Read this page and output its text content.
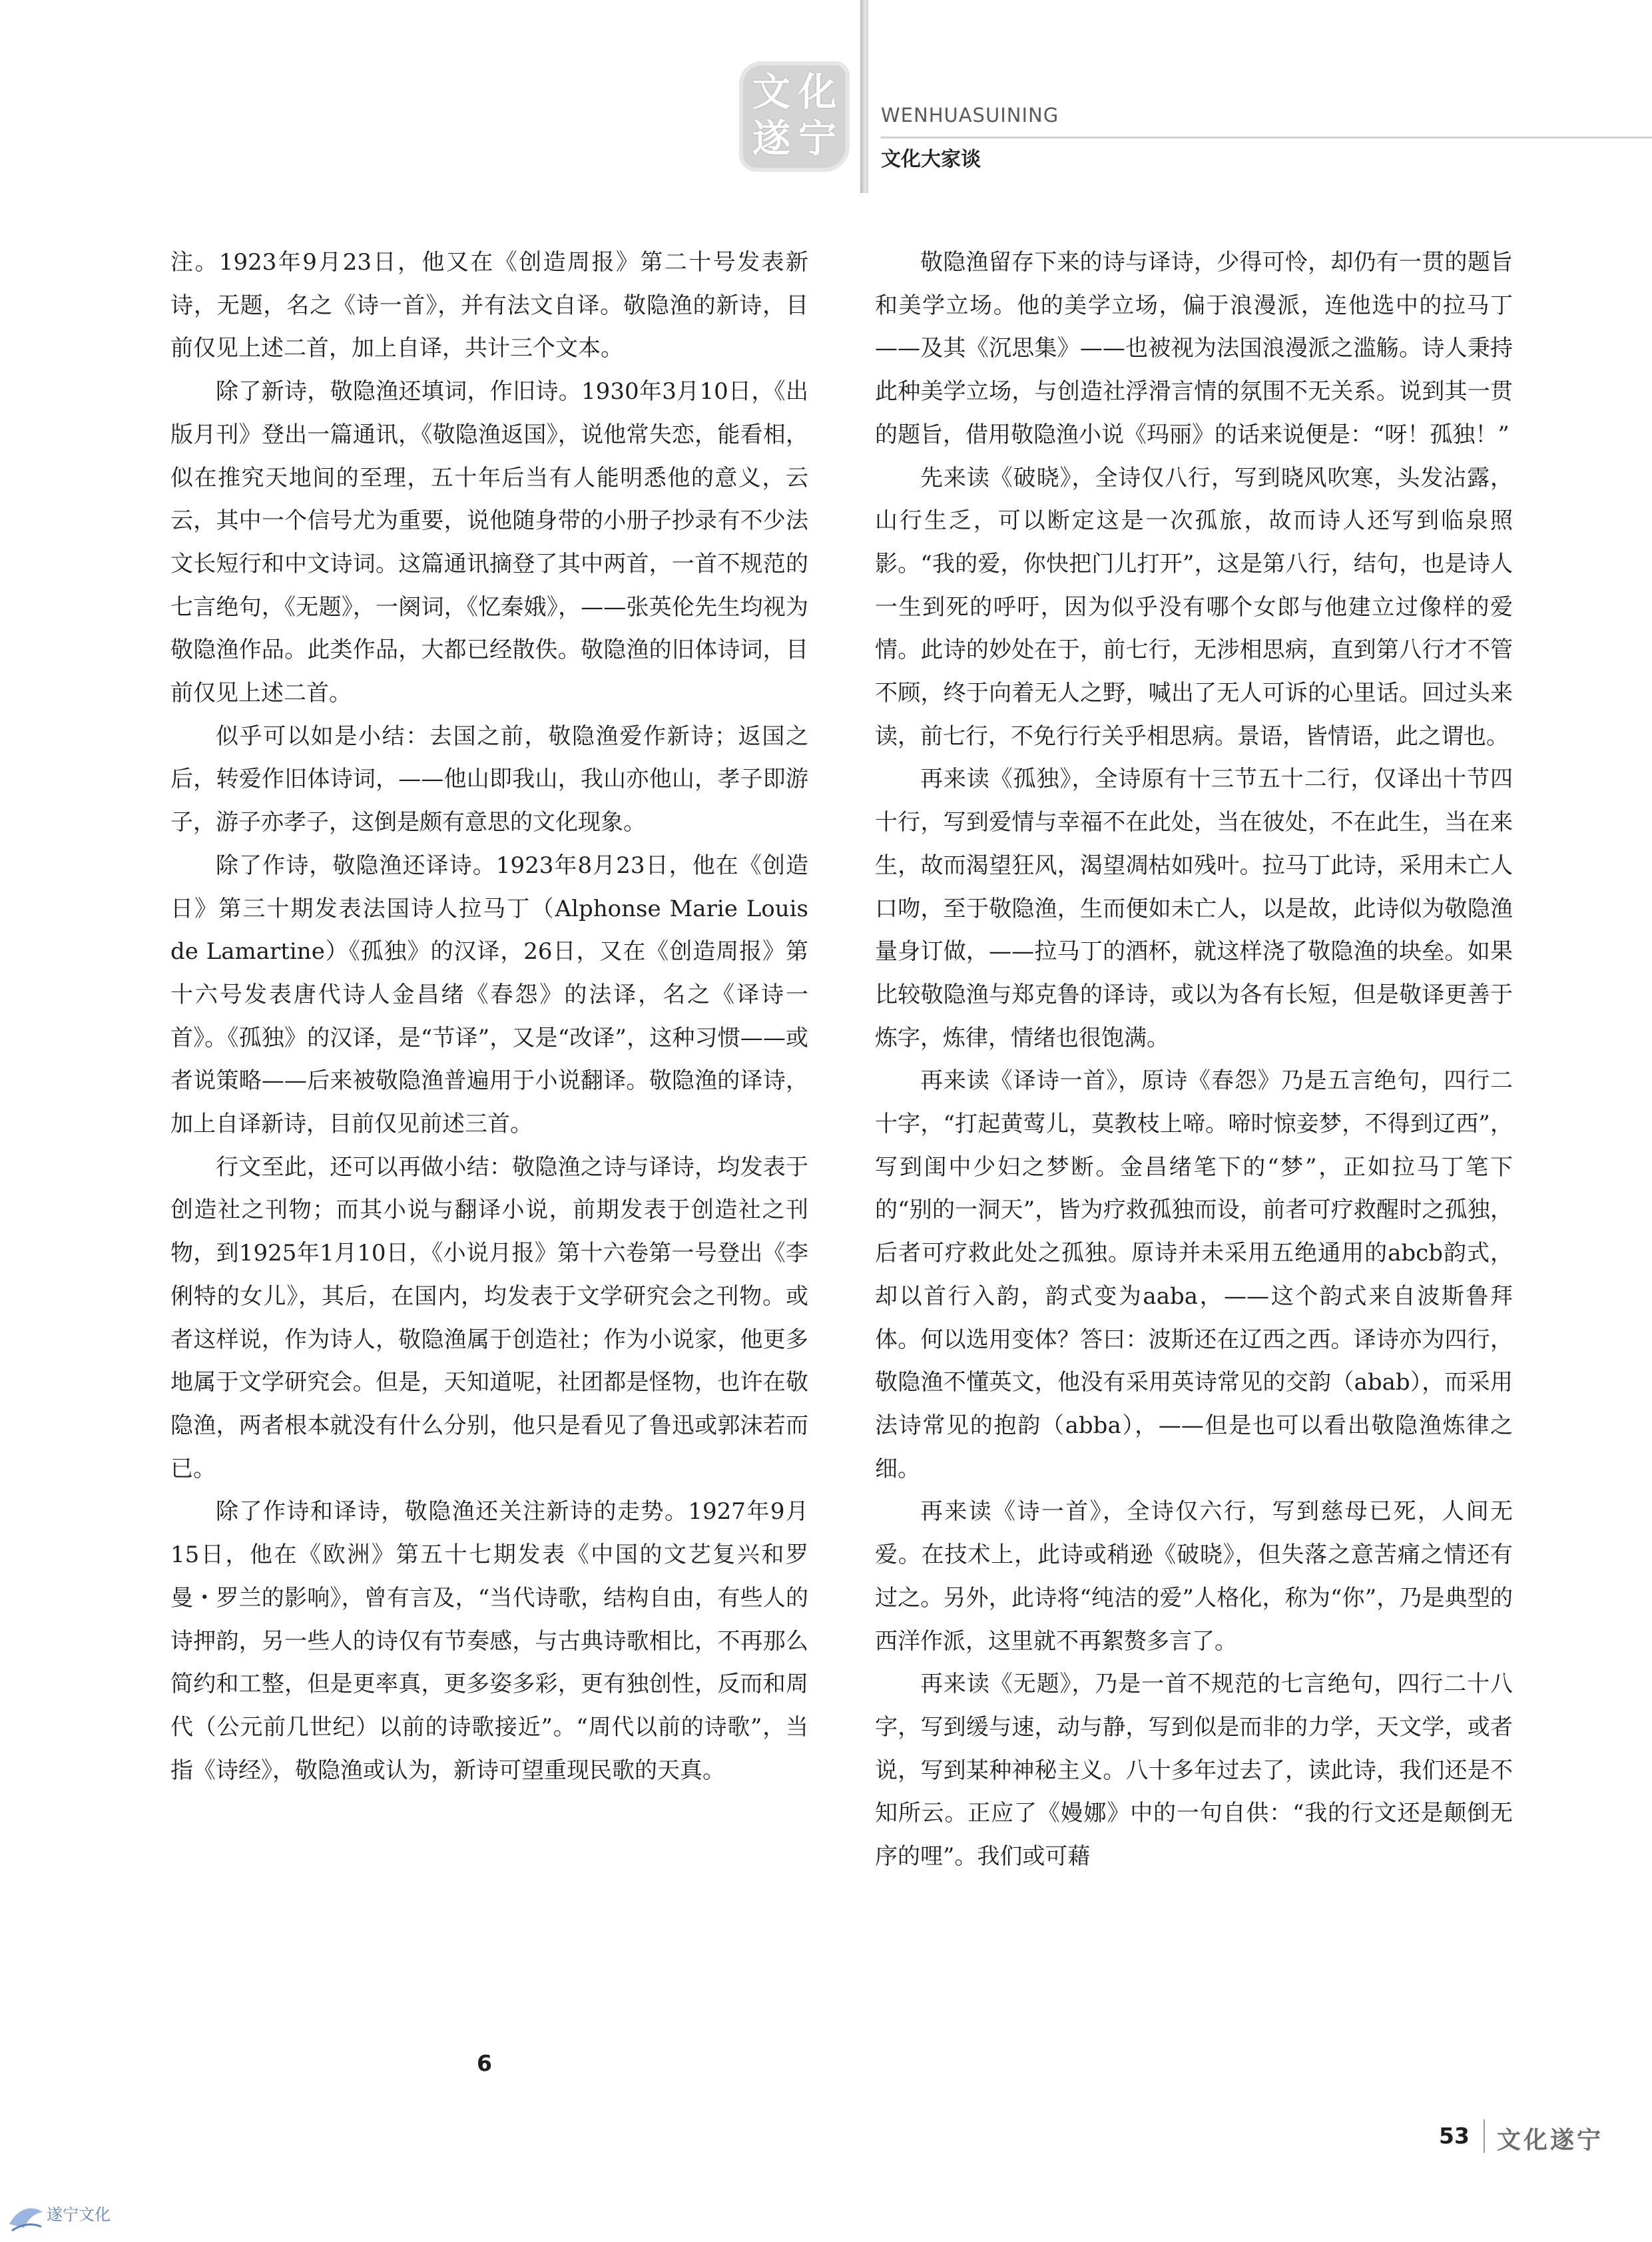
文 化
遂 宁
WENHUASUINING
文化大家谈

注。1923年9月23日，他又在《创造周报》第二十号发表新诗，无题，名之《诗一首》，并有法文自译。敬隐渔的新诗，目前仅见上述二首，加上自译，共计三个文本。

除了新诗，敬隐渔还填词，作旧诗。1930年3月10日，《出版月刊》登出一篇通讯，《敬隐渔返国》，说他常失恋，能看相，似在推究天地间的至理，五十年后当有人能明悉他的意义，云云，其中一个信号尤为重要，说他随身带的小册子抄录有不少法文长短行和中文诗词。这篇通讯摘登了其中两首，一首不规范的七言绝句，《无题》，一阕词，《忆秦娥》，——张英伦先生均视为敬隐渔作品。此类作品，大都已经散佚。敬隐渔的旧体诗词，目前仅见上述二首。

似乎可以如是小结：去国之前，敬隐渔爱作新诗；返国之后，转爱作旧体诗词，——他山即我山，我山亦他山，孝子即游子，游子亦孝子，这倒是颇有意思的文化现象。

除了作诗，敬隐渔还译诗。1923年8月23日，他在《创造日》第三十期发表法国诗人拉马丁（Alphonse Marie Louis de Lamartine）《孤独》的汉译，26日，又在《创造周报》第十六号发表唐代诗人金昌绪《春怨》的法译，名之《译诗一首》。《孤独》的汉译，是“节译”，又是“改译”，这种习惯——或者说策略——后来被敬隐渔普遍用于小说翻译。敬隐渔的译诗，加上自译新诗，目前仅见前述三首。

行文至此，还可以再做小结：敬隐渔之诗与译诗，均发表于创造社之刊物；而其小说与翻译小说，前期发表于创造社之刊物，到1925年1月10日，《小说月报》第十六卷第一号登出《李俐特的女儿》，其后，在国内，均发表于文学研究会之刊物。或者这样说，作为诗人，敬隐渔属于创造社；作为小说家，他更多地属于文学研究会。但是，天知道呢，社团都是怪物，也许在敬隐渔，两者根本就没有什么分别，他只是看见了鲁迅或郭沫若而已。

除了作诗和译诗，敬隐渔还关注新诗的走势。1927年9月15日，他在《欧洲》第五十七期发表《中国的文艺复兴和罗曼・罗兰的影响》，曾有言及，“当代诗歌，结构自由，有些人的诗押韵，另一些人的诗仅有节奏感，与古典诗歌相比，不再那么简约和工整，但是更率真，更多姿多彩，更有独创性，反而和周代（公元前几世纪）以前的诗歌接近”。“周代以前的诗歌”，当指《诗经》，敬隐渔或认为，新诗可望重现民歌的天真。

敬隐渔留存下来的诗与译诗，少得可怜，却仍有一贯的题旨和美学立场。他的美学立场，偏于浪漫派，连他选中的拉马丁——及其《沉思集》——也被视为法国浪漫派之滥觞。诗人秉持此种美学立场，与创造社浮滑言情的氛围不无关系。说到其一贯的题旨，借用敬隐渔小说《玛丽》的话来说便是：“呀！孤独！”

先来读《破晓》，全诗仅八行，写到晓风吹寒，头发沾露，山行生乏，可以断定这是一次孤旅，故而诗人还写到临泉照影。“我的爱，你快把门儿打开”，这是第八行，结句，也是诗人一生到死的呼吁，因为似乎没有哪个女郎与他建立过像样的爱情。此诗的妙处在于，前七行，无涉相思病，直到第八行才不管不顾，终于向着无人之野，喊出了无人可诉的心里话。回过头来读，前七行，不免行行关乎相思病。景语，皆情语，此之谓也。

再来读《孤独》，全诗原有十三节五十二行，仅译出十节四十行，写到爱情与幸福不在此处，当在彼处，不在此生，当在来生，故而渴望狂风，渴望凋枯如残叶。拉马丁此诗，采用未亡人口吻，至于敬隐渔，生而便如未亡人，以是故，此诗似为敬隐渔量身订做，——拉马丁的酒杯，就这样浇了敬隐渔的块垒。如果比较敬隐渔与郑克鲁的译诗，或以为各有长短，但是敬译更善于炼字，炼律，情绪也很饱满。

再来读《译诗一首》，原诗《春怨》乃是五言绝句，四行二十字，“打起黄莺儿，莫教枝上啼。啼时惊妾梦，不得到辽西”，写到闺中少妇之梦断。金昌绪笔下的“梦”，正如拉马丁笔下的“别的一洞天”，皆为疗救孤独而设，前者可疗救醒时之孤独，后者可疗救此处之孤独。原诗并未采用五绝通用的abcb韵式，却以首行入韵，韵式变为aaba，——这个韵式来自波斯鲁拜体。何以选用变体？答曰：波斯还在辽西之西。译诗亦为四行，敬隐渔不懂英文，他没有采用英诗常见的交韵（abab），而采用法诗常见的抱韵（abba），——但是也可以看出敬隐渔炼律之细。

再来读《诗一首》，全诗仅六行，写到慈母已死，人间无爱。在技术上，此诗或稍逊《破晓》，但失落之意苦痛之情还有过之。另外，此诗将“纯洁的爱”人格化，称为“你”，乃是典型的西洋作派，这里就不再絮赘多言了。

再来读《无题》，乃是一首不规范的七言绝句，四行二十八字，写到缓与速，动与静，写到似是而非的力学，天文学，或者说，写到某种神秘主义。八十多年过去了，读此诗，我们还是不知所云。正应了《嫚娜》中的一句自供：“我的行文还是颠倒无序的哩”。我们或可藉

6
53 文化遂宁
遂宁文化
